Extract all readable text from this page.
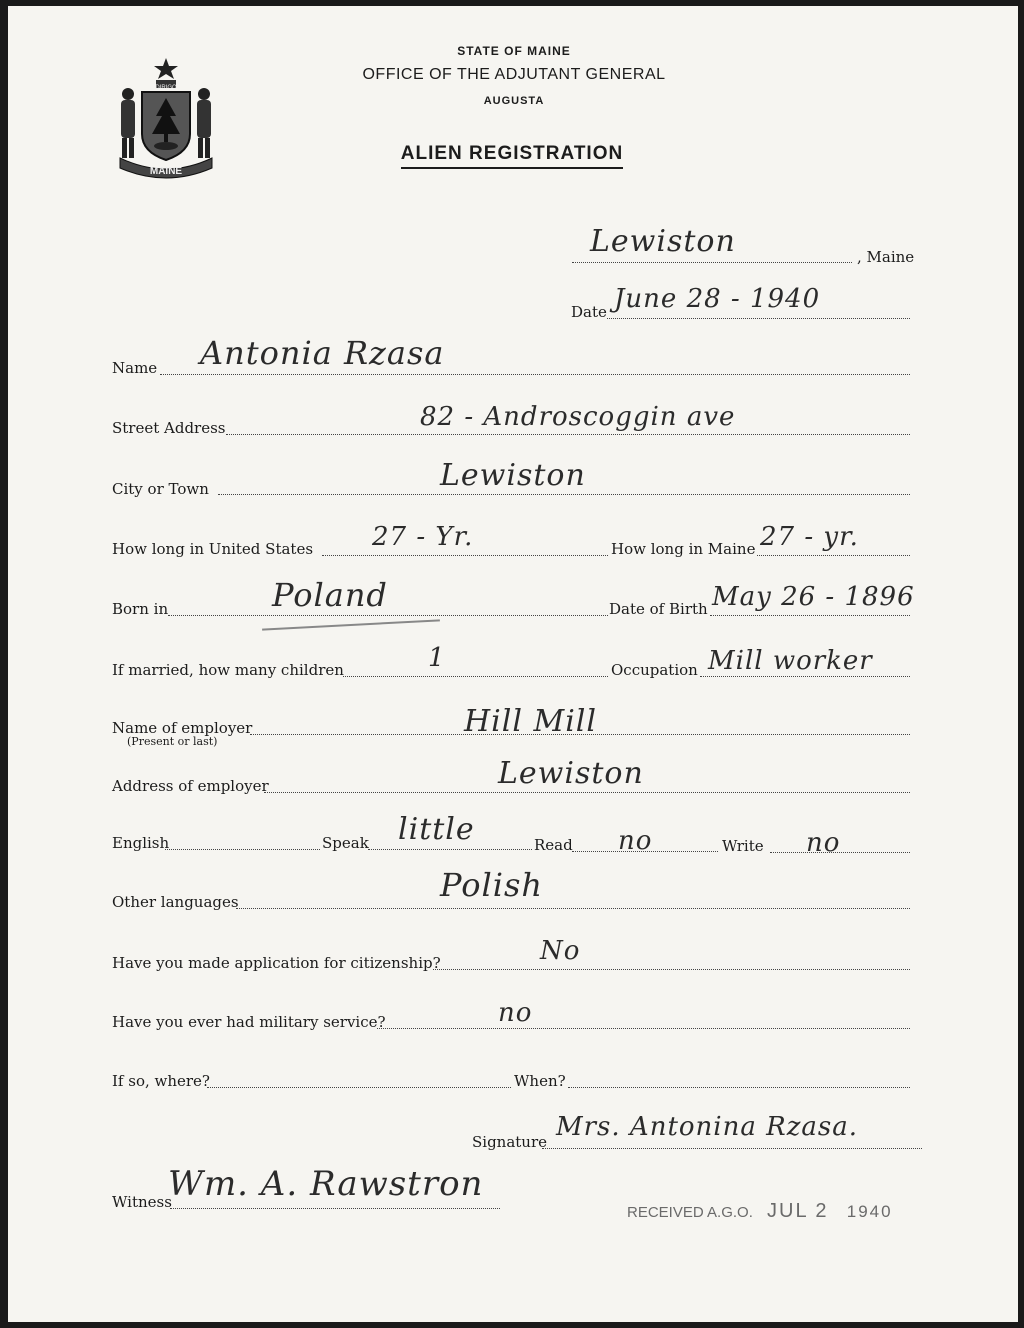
MAINE
DIRIGO
STATE OF MAINE
OFFICE OF THE ADJUTANT GENERAL
AUGUSTA
ALIEN REGISTRATION
, Maine
Lewiston
Date June 28 - 1940
Name Antonia Rzasa
Street Address	82 - Androscoggin ave
City or Town	Lewiston
How long in United States 27 - Yr.	How long in Maine 27 - yr.
Born in	Poland	Date of Birth May 26 - 1896
If married, how many children	1	Occupation Mill worker
Name of employer
(Present or last)
Hill Mill
Address of employer	Lewiston
English	Speak little	Read no	Write no
Other languages	Polish
Have you made application for citizenship?	No
Have you ever had military service?	no
If so, where?	When?
Signature Mrs. Antonina Rzasa.
Witness
Wm. A. Rawstron
RECEIVED A.G.O. JUL 2 1940
